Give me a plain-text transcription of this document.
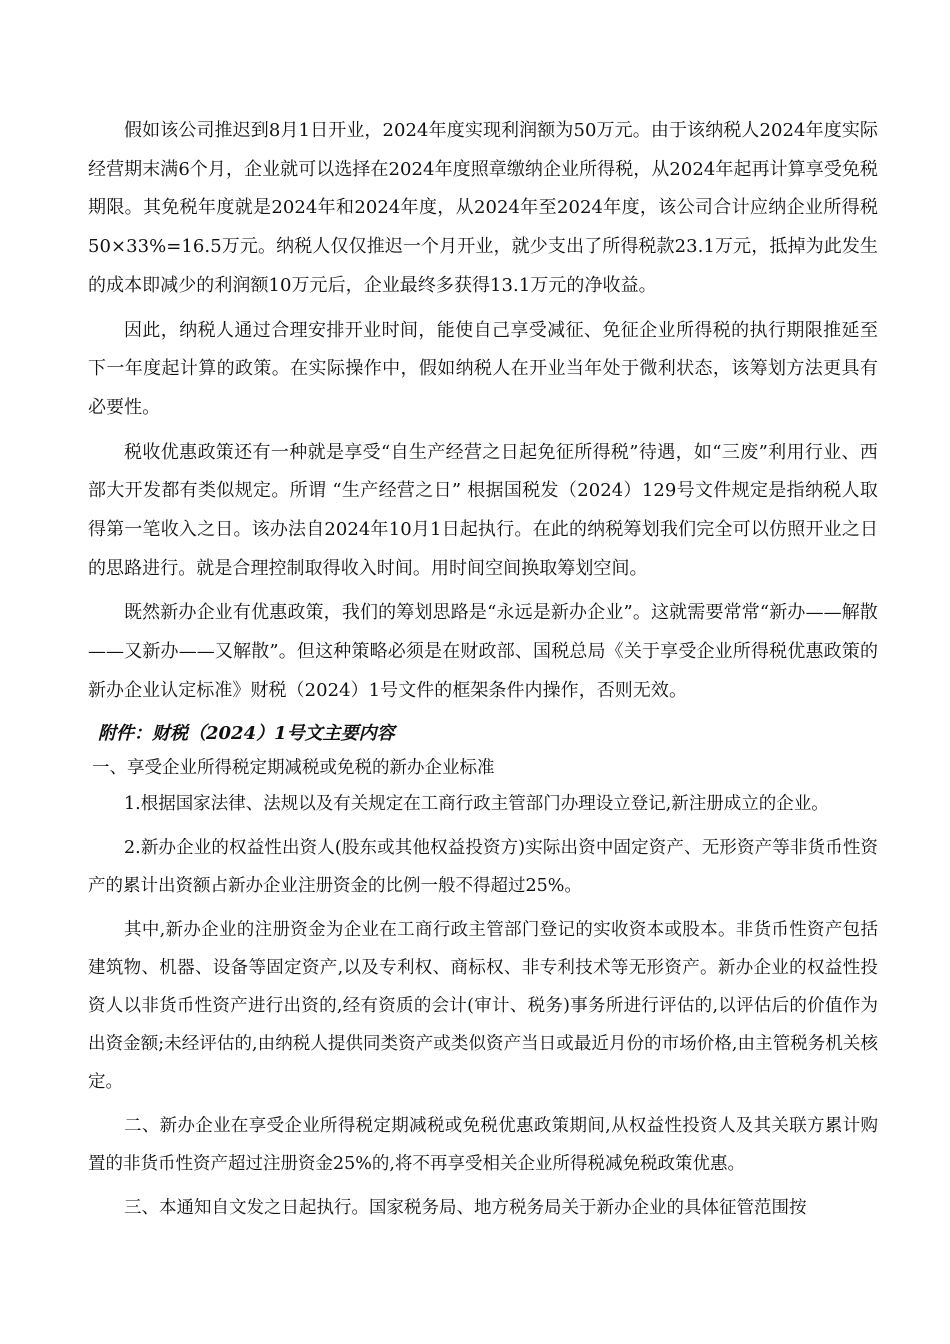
假如该公司推迟到8月1日开业，2024年度实现利润额为50万元。由于该纳税人2024年度实际经营期末满6个月，企业就可以选择在2024年度照章缴纳企业所得税，从2024年起再计算享受免税期限。其免税年度就是2024年和2024年度，从2024年至2024年度，该公司合计应纳企业所得税 50×33%=16.5万元。纳税人仅仅推迟一个月开业，就少支出了所得税款23.1万元，抵掉为此发生的成本即减少的利润额10万元后，企业最终多获得13.1万元的净收益。

因此，纳税人通过合理安排开业时间，能使自己享受减征、免征企业所得税的执行期限推延至下一年度起计算的政策。在实际操作中，假如纳税人在开业当年处于微利状态，该筹划方法更具有必要性。

税收优惠政策还有一种就是享受“自生产经营之日起免征所得税”待遇，如“三废”利用行业、西部大开发都有类似规定。所谓 “生产经营之日” 根据国税发（2024）129号文件规定是指纳税人取得第一笔收入之日。该办法自2024年10月1日起执行。在此的纳税筹划我们完全可以仿照开业之日的思路进行。就是合理控制取得收入时间。用时间空间换取筹划空间。

既然新办企业有优惠政策，我们的筹划思路是“永远是新办企业”。这就需要常常“新办——解散——又新办——又解散”。但这种策略必须是在财政部、国税总局《关于享受企业所得税优惠政策的新办企业认定标准》财税（2024）1号文件的框架条件内操作，否则无效。

附件：财税（2024）1号文主要内容

一、享受企业所得税定期减税或免税的新办企业标准

1.根据国家法律、法规以及有关规定在工商行政主管部门办理设立登记,新注册成立的企业。

2.新办企业的权益性出资人(股东或其他权益投资方)实际出资中固定资产、无形资产等非货币性资产的累计出资额占新办企业注册资金的比例一般不得超过25%。

其中,新办企业的注册资金为企业在工商行政主管部门登记的实收资本或股本。非货币性资产包括建筑物、机器、设备等固定资产,以及专利权、商标权、非专利技术等无形资产。新办企业的权益性投资人以非货币性资产进行出资的,经有资质的会计(审计、税务)事务所进行评估的,以评估后的价值作为出资金额;未经评估的,由纳税人提供同类资产或类似资产当日或最近月份的市场价格,由主管税务机关核定。

二、新办企业在享受企业所得税定期减税或免税优惠政策期间,从权益性投资人及其关联方累计购置的非货币性资产超过注册资金25%的,将不再享受相关企业所得税减免税政策优惠。

三、本通知自文发之日起执行。国家税务局、地方税务局关于新办企业的具体征管范围按
